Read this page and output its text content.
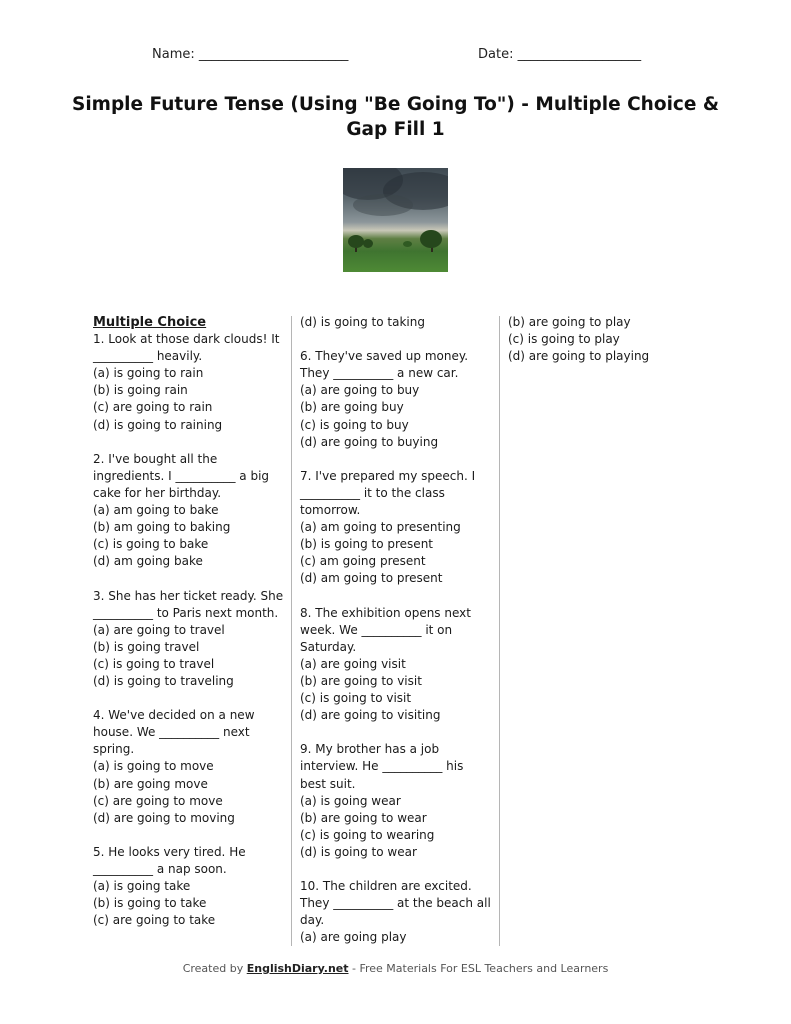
Name: _______________________	Date: ___________________
Simple Future Tense (Using "Be Going To") - Multiple Choice &
Gap Fill 1
Multiple Choice
1. Look at those dark clouds! It
__________ heavily.
(a) is going to rain
(b) is going rain
(c) are going to rain
(d) is going to raining
2. I've bought all the
ingredients. I __________ a big
cake for her birthday.
(a) am going to bake
(b) am going to baking
(c) is going to bake
(d) am going bake
3. She has her ticket ready. She
__________ to Paris next month.
(a) are going to travel
(b) is going travel
(c) is going to travel
(d) is going to traveling
4. We've decided on a new
house. We __________ next
spring.
(a) is going to move
(b) are going move
(c) are going to move
(d) are going to moving
5. He looks very tired. He
__________ a nap soon.
(a) is going take
(b) is going to take
(c) are going to take
(d) is going to taking
6. They've saved up money.
They __________ a new car.
(a) are going to buy
(b) are going buy
(c) is going to buy
(d) are going to buying
7. I've prepared my speech. I
__________ it to the class
tomorrow.
(a) am going to presenting
(b) is going to present
(c) am going present
(d) am going to present
8. The exhibition opens next
week. We __________ it on
Saturday.
(a) are going visit
(b) are going to visit
(c) is going to visit
(d) are going to visiting
9. My brother has a job
interview. He __________ his
best suit.
(a) is going wear
(b) are going to wear
(c) is going to wearing
(d) is going to wear
10. The children are excited.
They __________ at the beach all
day.
(a) are going play
(b) are going to play
(c) is going to play
(d) are going to playing
Created by EnglishDiary.net - Free Materials For ESL Teachers and Learners
